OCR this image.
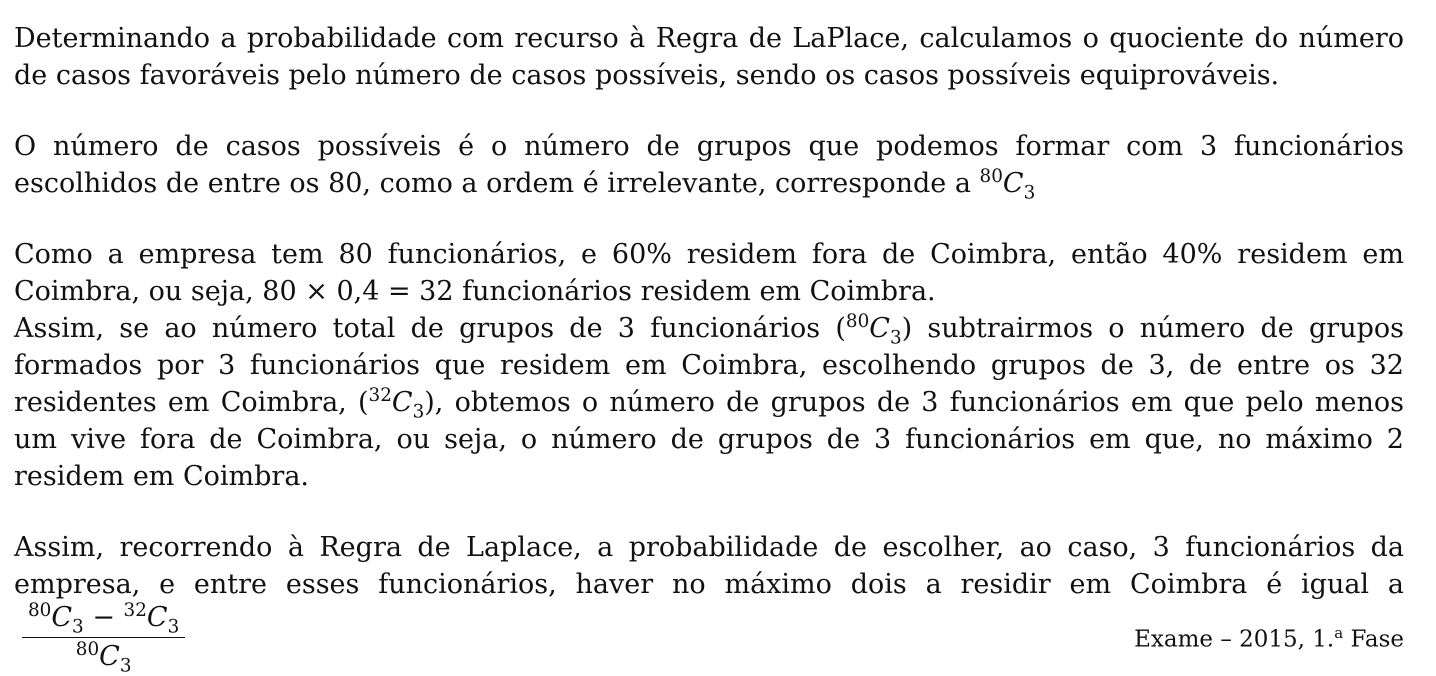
Determinando a probabilidade com recurso à Regra de LaPlace, calculamos o quociente do número de casos favoráveis pelo número de casos possíveis, sendo os casos possíveis equiprováveis.

O número de casos possíveis é o número de grupos que podemos formar com 3 funcionários escolhidos de entre os 80, como a ordem é irrelevante, corresponde a $^{80}C_3$

Como a empresa tem 80 funcionários, e 60% residem fora de Coimbra, então 40% residem em Coimbra, ou seja, 80 × 0,4 = 32 funcionários residem em Coimbra.
Assim, se ao número total de grupos de 3 funcionários $(^{80}C_3)$ subtrairmos o número de grupos formados por 3 funcionários que residem em Coimbra, escolhendo grupos de 3, de entre os 32 residentes em Coimbra, $(^{32}C_3)$, obtemos o número de grupos de 3 funcionários em que pelo menos um vive fora de Coimbra, ou seja, o número de grupos de 3 funcionários em que, no máximo 2 residem em Coimbra.

Assim, recorrendo à Regra de Laplace, a probabilidade de escolher, ao caso, 3 funcionários da empresa, e entre esses funcionários, haver no máximo dois a residir em Coimbra é igual a
$\frac{^{80}C_3 - ^{32}C_3}{^{80}C_3}$	Exame – 2015, 1.$^a$ Fase
